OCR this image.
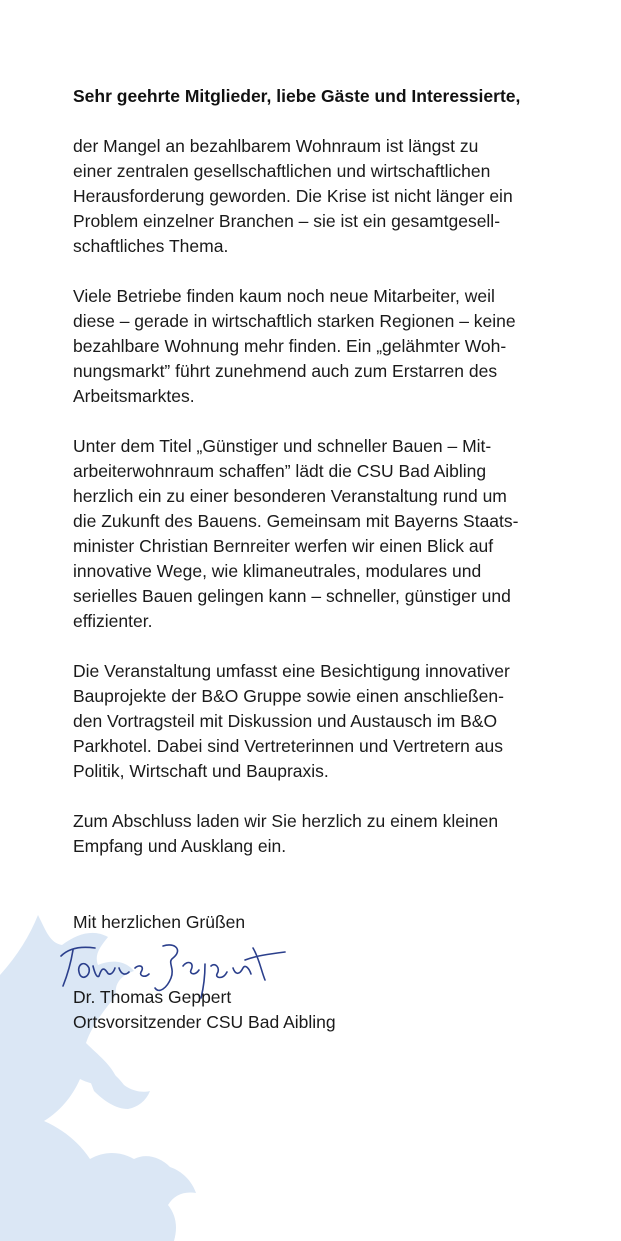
Sehr geehrte Mitglieder, liebe Gäste und Interessierte,

der Mangel an bezahlbarem Wohnraum ist längst zu
einer zentralen gesellschaftlichen und wirtschaftlichen
Herausforderung geworden. Die Krise ist nicht länger ein
Problem einzelner Branchen – sie ist ein gesamtgesell-
schaftliches Thema.

Viele Betriebe finden kaum noch neue Mitarbeiter, weil
diese – gerade in wirtschaftlich starken Regionen – keine
bezahlbare Wohnung mehr finden. Ein „gelähmter Woh-
nungsmarkt” führt zunehmend auch zum Erstarren des
Arbeitsmarktes.

Unter dem Titel „Günstiger und schneller Bauen – Mit-
arbeiterwohnraum schaffen” lädt die CSU Bad Aibling
herzlich ein zu einer besonderen Veranstaltung rund um
die Zukunft des Bauens. Gemeinsam mit Bayerns Staats-
minister Christian Bernreiter werfen wir einen Blick auf
innovative Wege, wie klimaneutrales, modulares und
serielles Bauen gelingen kann – schneller, günstiger und
effizienter.

Die Veranstaltung umfasst eine Besichtigung innovativer
Bauprojekte der B&O Gruppe sowie einen anschließen-
den Vortragsteil mit Diskussion und Austausch im B&O
Parkhotel. Dabei sind Vertreterinnen und Vertretern aus
Politik, Wirtschaft und Baupraxis.

Zum Abschluss laden wir Sie herzlich zu einem kleinen
Empfang und Ausklang ein.

Mit herzlichen Grüßen
Dr. Thomas Geppert
Ortsvorsitzender CSU Bad Aibling
